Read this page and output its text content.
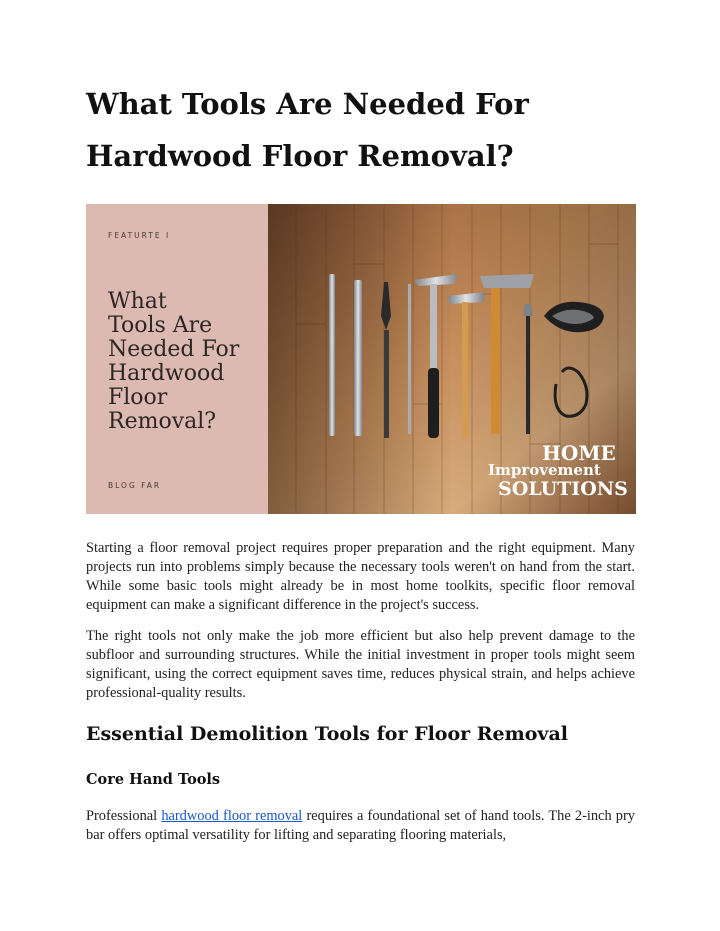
What Tools Are Needed For
Hardwood Floor Removal?
FEATURTE I
What
Tools Are
Needed For
Hardwood
Floor
Removal?
BLOG FAR
HOME
Improvement
SOLUTIONS

Starting a floor removal project requires proper preparation and the right equipment. Many projects run into problems simply because the necessary tools weren't on hand from the start. While some basic tools might already be in most home toolkits, specific floor removal equipment can make a significant difference in the project's success.

The right tools not only make the job more efficient but also help prevent damage to the subfloor and surrounding structures. While the initial investment in proper tools might seem significant, using the correct equipment saves time, reduces physical strain, and helps achieve professional-quality results.

Essential Demolition Tools for Floor Removal
Core Hand Tools

Professional hardwood floor removal requires a foundational set of hand tools. The 2-inch pry bar offers optimal versatility for lifting and separating flooring materials,
